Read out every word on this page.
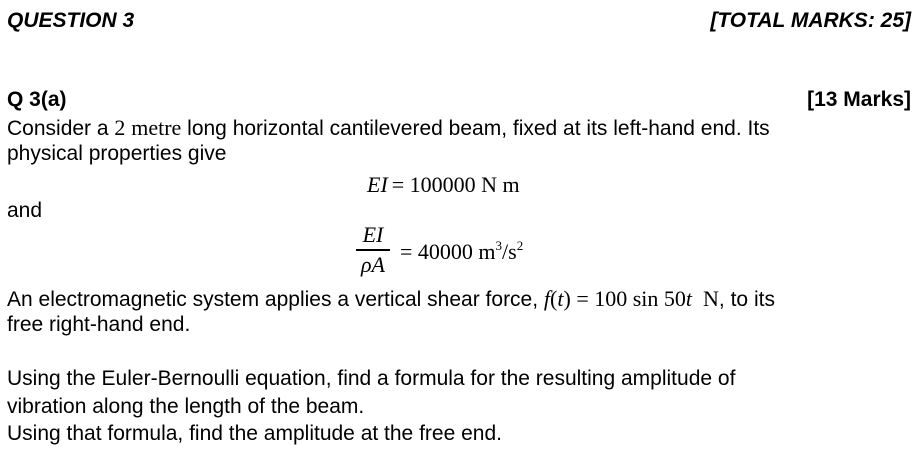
QUESTION 3	[TOTAL MARKS: 25]
Q 3(a)	[13 Marks]
Consider a 2 metre long horizontal cantilevered beam, fixed at its left-hand end. Its
physical properties give
EI = 100000 N m
and
EI
ρA = 40000 $m^3/s^2$
An electromagnetic system applies a vertical shear force, f(t) = 100 sin 50t  N, to its
free right-hand end.
Using the Euler-Bernoulli equation, find a formula for the resulting amplitude of
vibration along the length of the beam.
Using that formula, find the amplitude at the free end.
